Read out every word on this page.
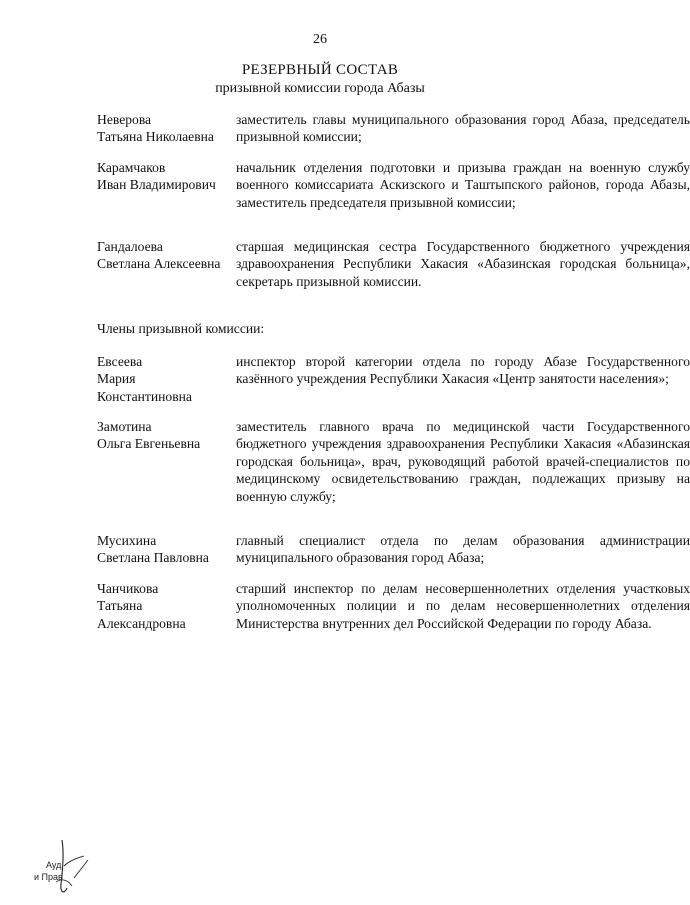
26
РЕЗЕРВНЫЙ СОСТАВ
призывной комиссии города Абазы
Неверова
Татьяна Николаевна
заместитель главы муниципального образования город Абаза, председатель призывной комиссии;
Карамчаков
Иван Владимирович
начальник отделения подготовки и призыва граждан на военную службу военного комиссариата Аскизского и Таштыпского районов, города Абазы, заместитель председателя призывной комиссии;
Гандалоева
Светлана Алексеевна
старшая медицинская сестра Государственного бюджетного учреждения здравоохранения Республики Хакасия «Абазинская городская больница», секретарь призывной комиссии.
Члены призывной комиссии:
Евсеева
Мария
Константиновна
инспектор второй категории отдела по городу Абазе Государственного казённого учреждения Республики Хакасия «Центр занятости населения»;
Замотина
Ольга Евгеньевна
заместитель главного врача по медицинской части Государственного бюджетного учреждения здравоохранения Республики Хакасия «Абазинская городская больница», врач, руководящий работой врачей-специалистов по медицинскому освидетельствованию граждан, подлежащих призыву на военную службу;
Мусихина
Светлана Павловна
главный специалист отдела по делам образования администрации муниципального образования город Абаза;
Чанчикова
Татьяна
Александровна
старший инспектор по делам несовершеннолетних отделения участковых уполномоченных полиции и по делам несовершеннолетних отделения Министерства внутренних дел Российской Федерации по городу Абаза.
Ауд
и Прав
